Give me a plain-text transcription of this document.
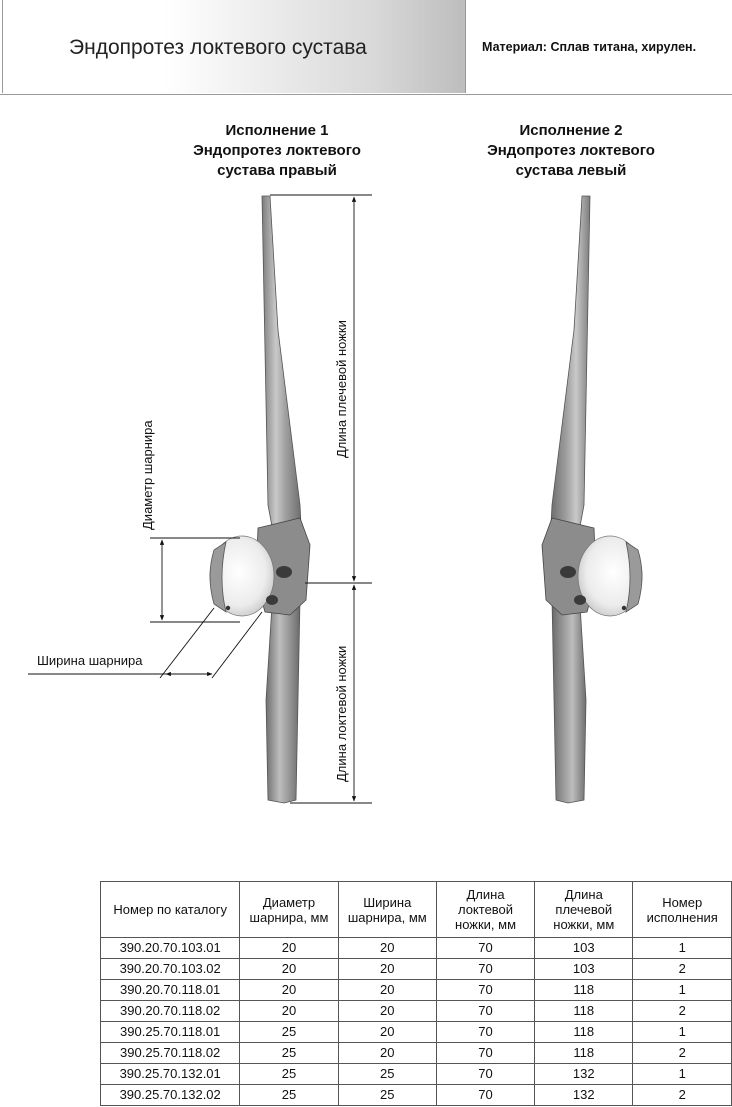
Эндопротез локтевого сустава	Материал: Сплав титана, хирулен.
Исполнение 1
Эндопротез локтевого
сустава правый
Исполнение 2
Эндопротез локтевого
сустава левый
Диаметр шарнира
Длина плечевой ножки
Длина локтевой ножки
Ширина шарнира
Номер по каталогу	Диаметр шарнира, мм	Ширина шарнира, мм	Длина локтевой ножки, мм	Длина плечевой ножки, мм	Номер исполнения
390.20.70.103.01	20	20	70	103	1
390.20.70.103.02	20	20	70	103	2
390.20.70.118.01	20	20	70	118	1
390.20.70.118.02	20	20	70	118	2
390.25.70.118.01	25	20	70	118	1
390.25.70.118.02	25	20	70	118	2
390.25.70.132.01	25	25	70	132	1
390.25.70.132.02	25	25	70	132	2
